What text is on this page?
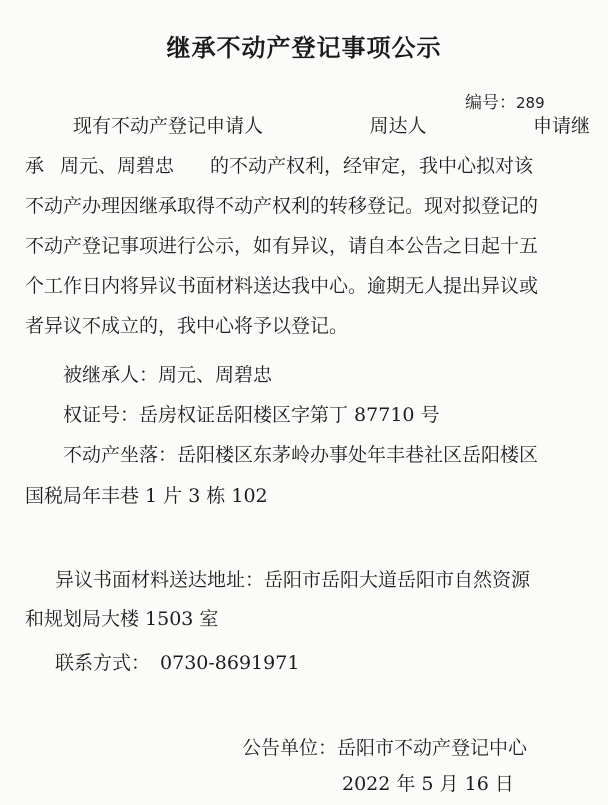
继承不动产登记事项公示
编号：289
现有不动产登记申请人	周达人	申请继
承 周元、周碧忠 的不动产权利，经审定，我中心拟对该
不动产办理因继承取得不动产权利的转移登记。现对拟登记的
不动产登记事项进行公示，如有异议，请自本公告之日起十五
个工作日内将异议书面材料送达我中心。逾期无人提出异议或
者异议不成立的，我中心将予以登记。
被继承人：周元、周碧忠
权证号：岳房权证岳阳楼区字第丁 87710 号
不动产坐落：岳阳楼区东茅岭办事处年丰巷社区岳阳楼区
国税局年丰巷 1 片 3 栋 102
异议书面材料送达地址：岳阳市岳阳大道岳阳市自然资源
和规划局大楼 1503 室
联系方式： 0730-8691971
公告单位：岳阳市不动产登记中心
2022 年 5 月 16 日
